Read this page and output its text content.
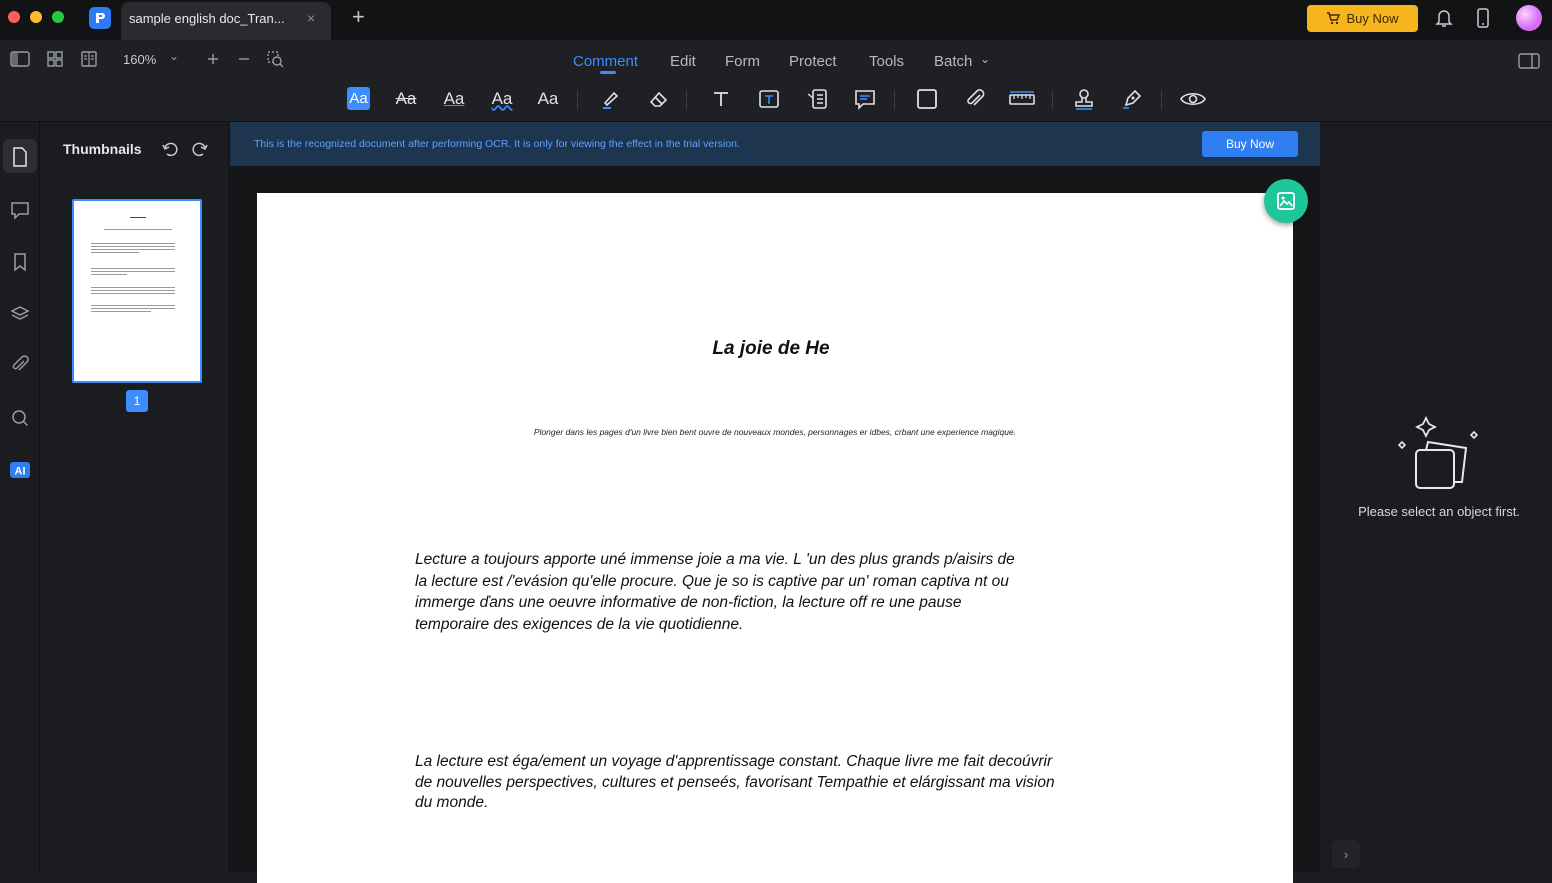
sample english doc_Tran... × +	Buy Now
160% ⌄	Comment Edit Form Protect Tools Batch ⌄
Aa Aa Aa Aa Aa
AI
Thumbnails
1
This is the recognized document after performing OCR. It is only for viewing the effect in the trial version.	Buy Now
La joie de He
Plonger dans les pages d'un livre bien bent ouvre de nouveaux mondes, personnages er idbes, crbant une experience magique.
Lecture a toujours apporte uné immense joie a ma vie. L 'un des plus grands p/aisirs de
la lecture est /'evásion qu'elle procure. Que je so is captive par un' roman captiva nt ou
immerge ďans une oeuvre informative de non-fiction, la lecture off re une pause
temporaire des exigences de la vie quotidienne.
La lecture est éga/ement un voyage d'apprentissage constant. Chaque livre me fait decoúvrir
de nouvelles perspectives, cultures et penseés, favorisant Tempathie et elárgissant ma vision
du monde.
Please select an object first.
›
